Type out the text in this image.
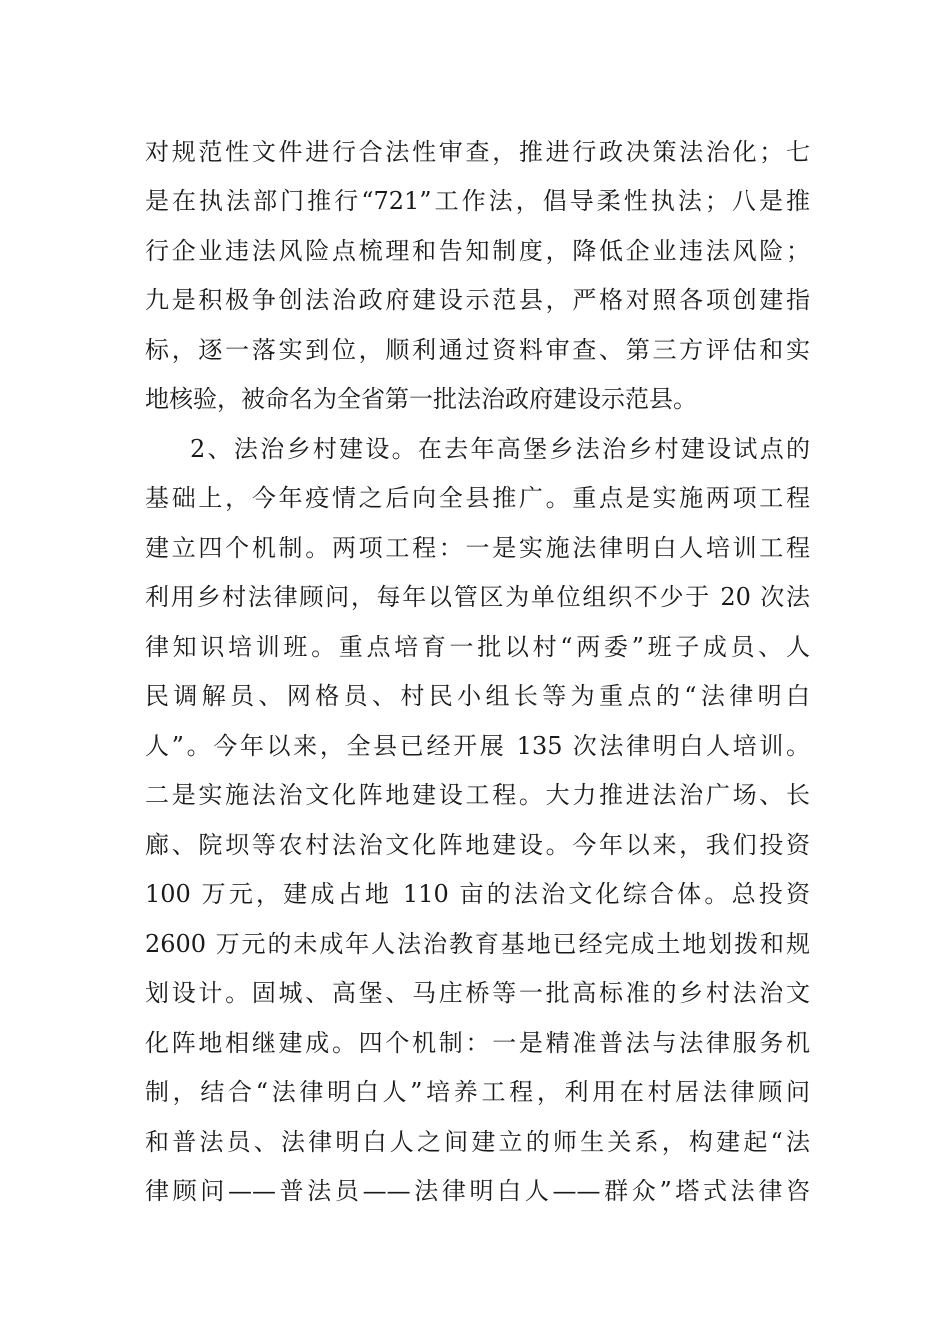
对规范性文件进行合法性审查，推进行政决策法治化；七

是在执法部门推行“721”工作法，倡导柔性执法；八是推

行企业违法风险点梳理和告知制度，降低企业违法风险；

九是积极争创法治政府建设示范县，严格对照各项创建指

标，逐一落实到位，顺利通过资料审查、第三方评估和实

地核验，被命名为全省第一批法治政府建设示范县。

2、法治乡村建设。在去年高堡乡法治乡村建设试点的

基础上，今年疫情之后向全县推广。重点是实施两项工程

建立四个机制。两项工程：一是实施法律明白人培训工程

利用乡村法律顾问，每年以管区为单位组织不少于 20 次法

律知识培训班。重点培育一批以村“两委”班子成员、人

民调解员、网格员、村民小组长等为重点的“法律明白

人”。今年以来，全县已经开展 135 次法律明白人培训。

二是实施法治文化阵地建设工程。大力推进法治广场、长

廊、院坝等农村法治文化阵地建设。今年以来，我们投资

100 万元，建成占地 110 亩的法治文化综合体。总投资

2600 万元的未成年人法治教育基地已经完成土地划拨和规

划设计。固城、高堡、马庄桥等一批高标准的乡村法治文

化阵地相继建成。四个机制：一是精准普法与法律服务机

制，结合“法律明白人”培养工程，利用在村居法律顾问

和普法员、法律明白人之间建立的师生关系，构建起“法

律顾问——普法员——法律明白人——群众”塔式法律咨
